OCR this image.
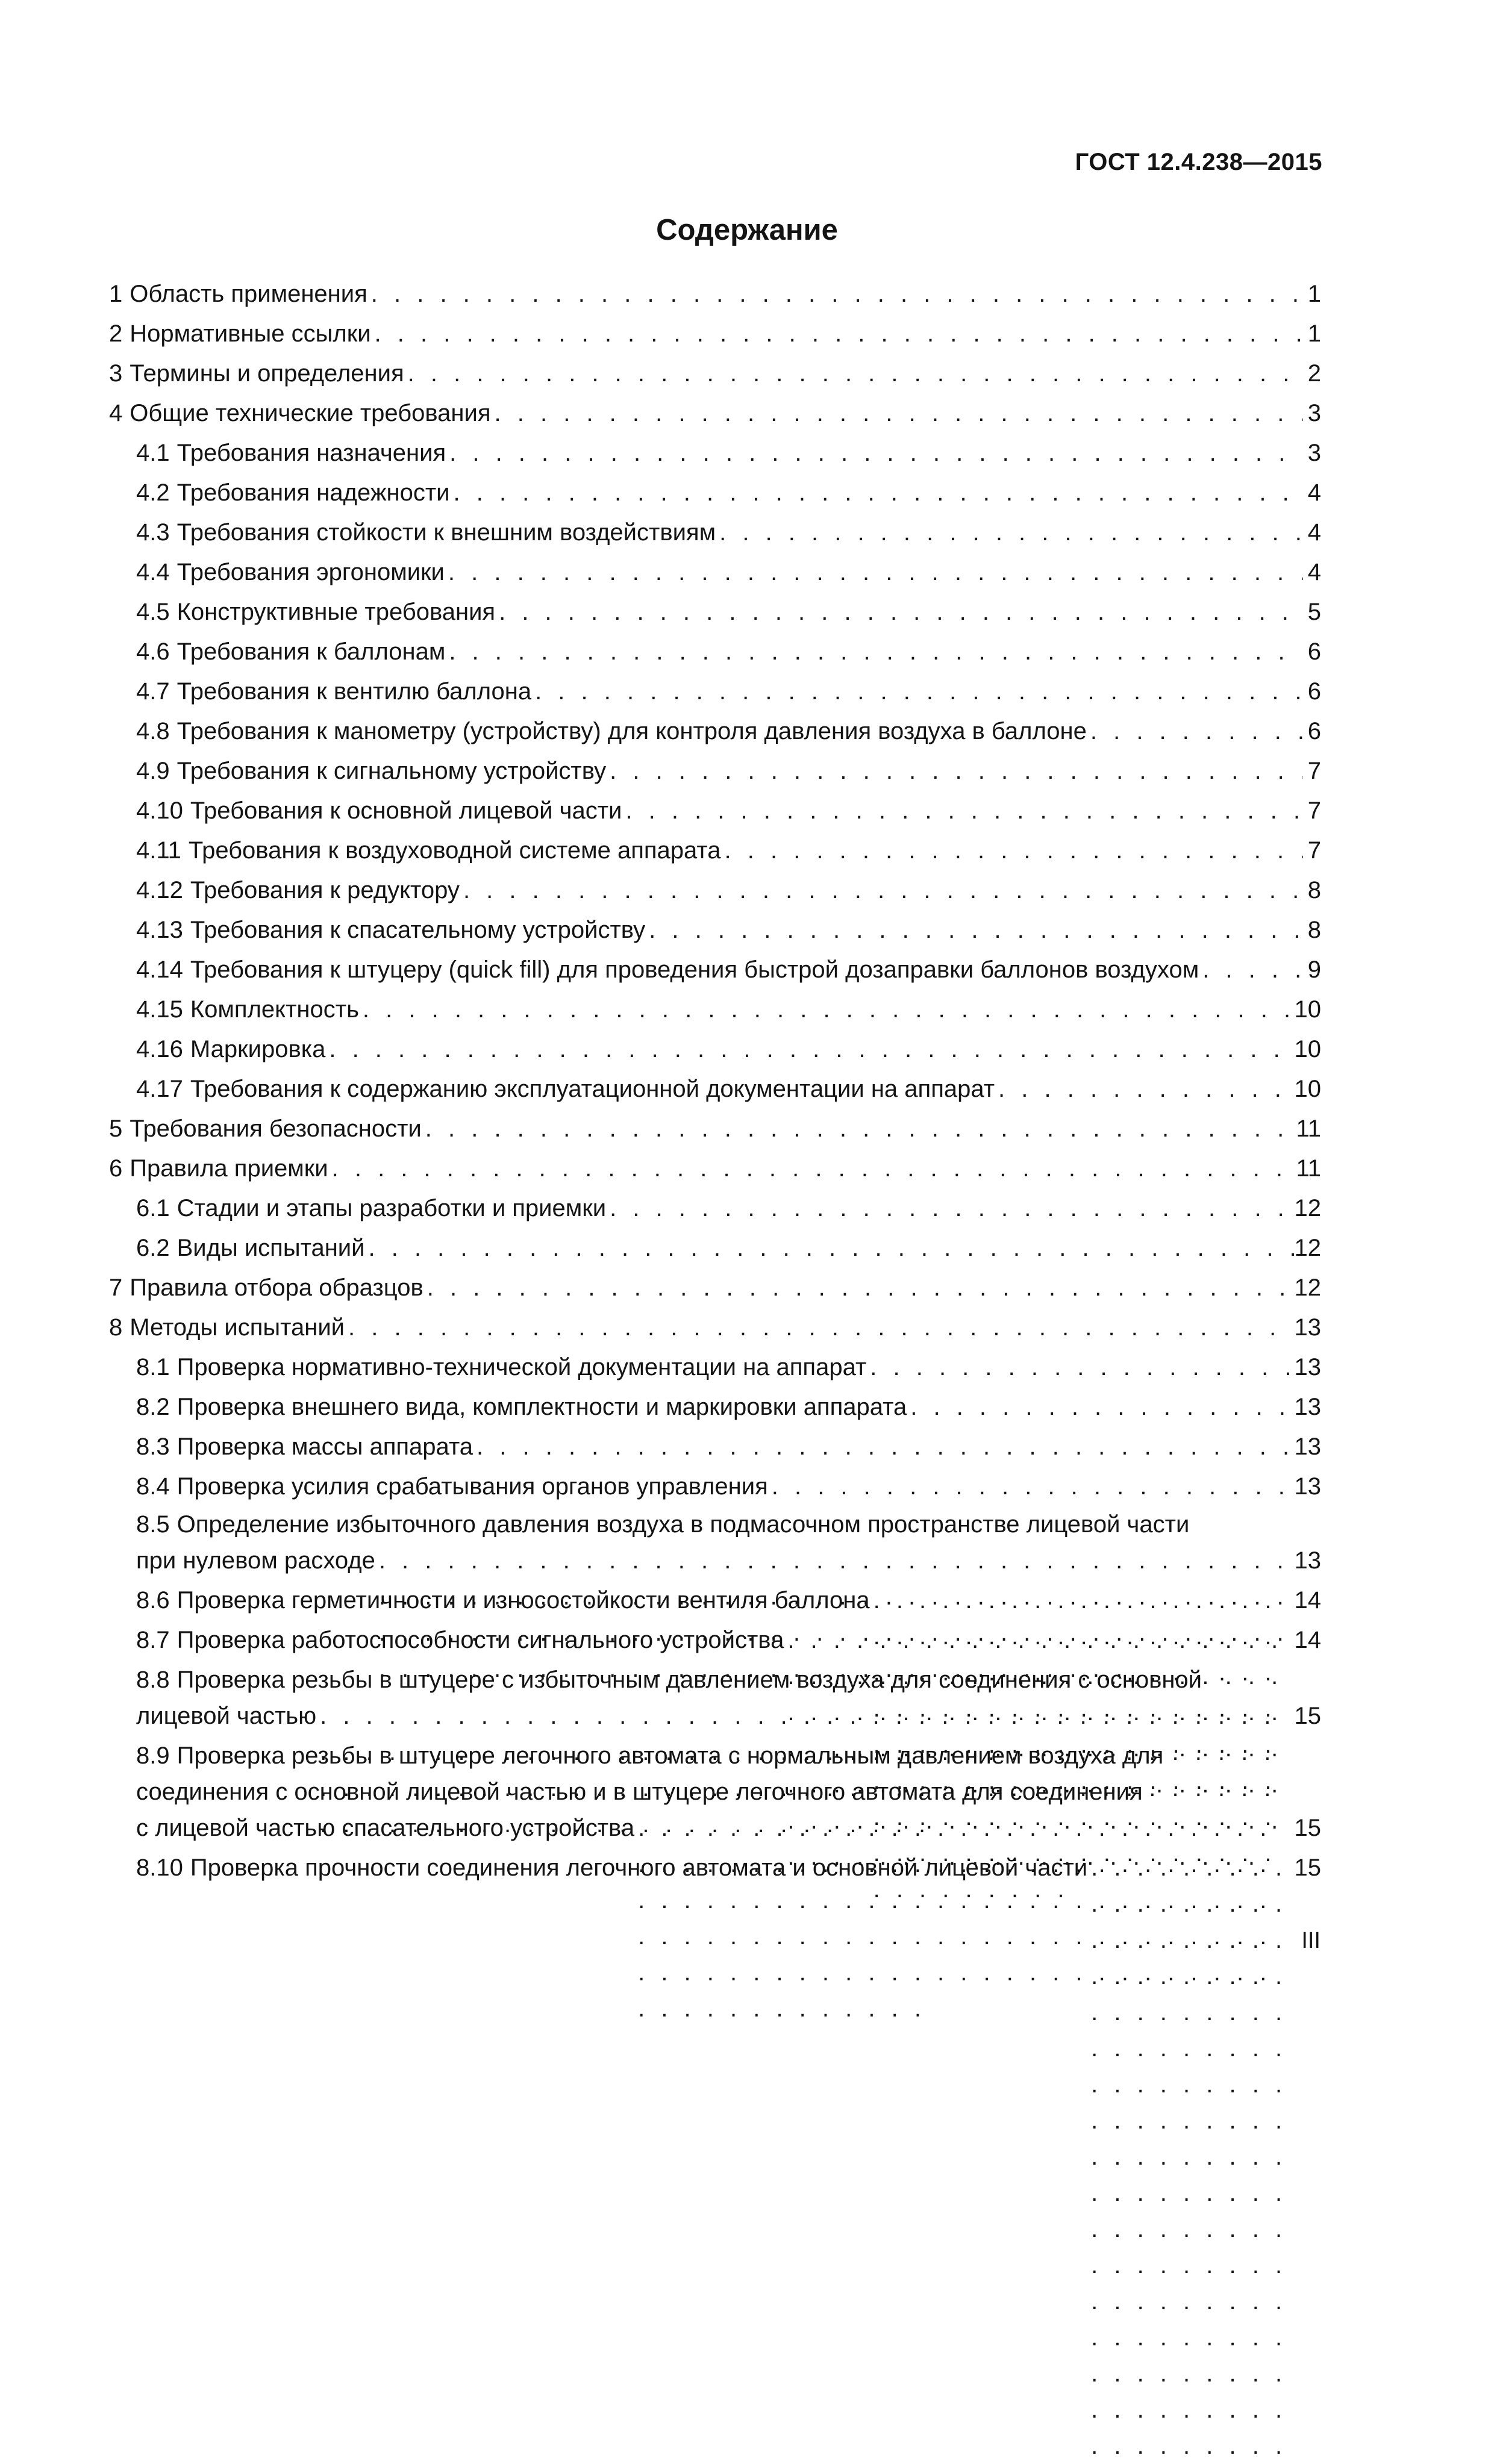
ГОСТ 12.4.238—2015
Содержание
1 Область применения . . .	1
2 Нормативные ссылки . . .	1
3 Термины и определения . . .	2
4 Общие технические требования . . .	3
4.1 Требования назначения . . .	3
4.2 Требования надежности . . .	4
4.3 Требования стойкости к внешним воздействиям . . .	4
4.4 Требования эргономики . . .	4
4.5 Конструктивные требования . . .	5
4.6 Требования к баллонам . . .	6
4.7 Требования к вентилю баллона . . .	6
4.8 Требования к манометру (устройству) для контроля давления воздуха в баллоне . . .	6
4.9 Требования к сигнальному устройству . . .	7
4.10 Требования к основной лицевой части . . .	7
4.11 Требования к воздуховодной системе аппарата . . .	7
4.12 Требования к редуктору . . .	8
4.13 Требования к спасательному устройству . . .	8
4.14 Требования к штуцеру (quick fill) для проведения быстрой дозаправки баллонов воздухом . . .	9
4.15 Комплектность . . .	10
4.16 Маркировка . . .	10
4.17 Требования к содержанию эксплуатационной документации на аппарат . . .	10
5 Требования безопасности . . .	11
6 Правила приемки . . .	11
6.1 Стадии и этапы разработки и приемки . . .	12
6.2 Виды испытаний . . .	12
7 Правила отбора образцов . . .	12
8 Методы испытаний . . .	13
8.1 Проверка нормативно-технической документации на аппарат . . .	13
8.2 Проверка внешнего вида, комплектности и маркировки аппарата . . .	13
8.3 Проверка массы аппарата . . .	13
8.4 Проверка усилия срабатывания органов управления . . .	13
8.5 Определение избыточного давления воздуха в подмасочном пространстве лицевой части
при нулевом расходе . . .	13
8.6 Проверка герметичности и износостойкости вентиля баллона . . .	14
8.7 Проверка работоспособности сигнального устройства . . .	14
8.8 Проверка резьбы в штуцере с избыточным давлением воздуха для соединения с основной
лицевой частью . . .	15
8.9 Проверка резьбы в штуцере легочного автомата с нормальным давлением воздуха для
соединения с основной лицевой частью и в штуцере легочного автомата для соединения
с лицевой частью спасательного устройства . . .	15
8.10 Проверка прочности соединения легочного автомата и основной лицевой части . . .	15
III
